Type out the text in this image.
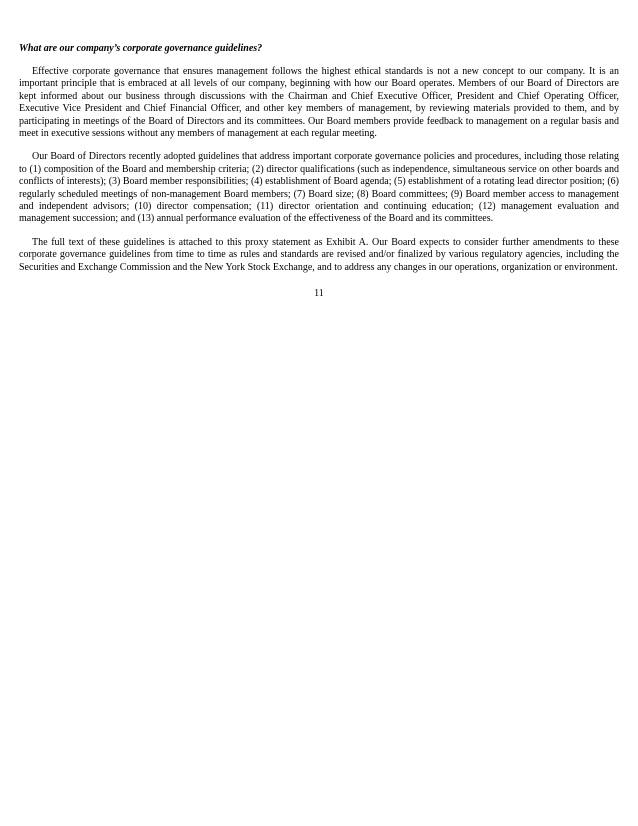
What are our company’s corporate governance guidelines?

Effective corporate governance that ensures management follows the highest ethical standards is not a new concept to our company. It is an important principle that is embraced at all levels of our company, beginning with how our Board operates. Members of our Board of Directors are kept informed about our business through discussions with the Chairman and Chief Executive Officer, President and Chief Operating Officer, Executive Vice President and Chief Financial Officer, and other key members of management, by reviewing materials provided to them, and by participating in meetings of the Board of Directors and its committees. Our Board members provide feedback to management on a regular basis and meet in executive sessions without any members of management at each regular meeting.

Our Board of Directors recently adopted guidelines that address important corporate governance policies and procedures, including those relating to (1) composition of the Board and membership criteria; (2) director qualifications (such as independence, simultaneous service on other boards and conflicts of interests); (3) Board member responsibilities; (4) establishment of Board agenda; (5) establishment of a rotating lead director position; (6) regularly scheduled meetings of non-management Board members; (7) Board size; (8) Board committees; (9) Board member access to management and independent advisors; (10) director compensation; (11) director orientation and continuing education; (12) management evaluation and management succession; and (13) annual performance evaluation of the effectiveness of the Board and its committees.

The full text of these guidelines is attached to this proxy statement as Exhibit A. Our Board expects to consider further amendments to these corporate governance guidelines from time to time as rules and standards are revised and/or finalized by various regulatory agencies, including the Securities and Exchange Commission and the New York Stock Exchange, and to address any changes in our operations, organization or environment.

11
